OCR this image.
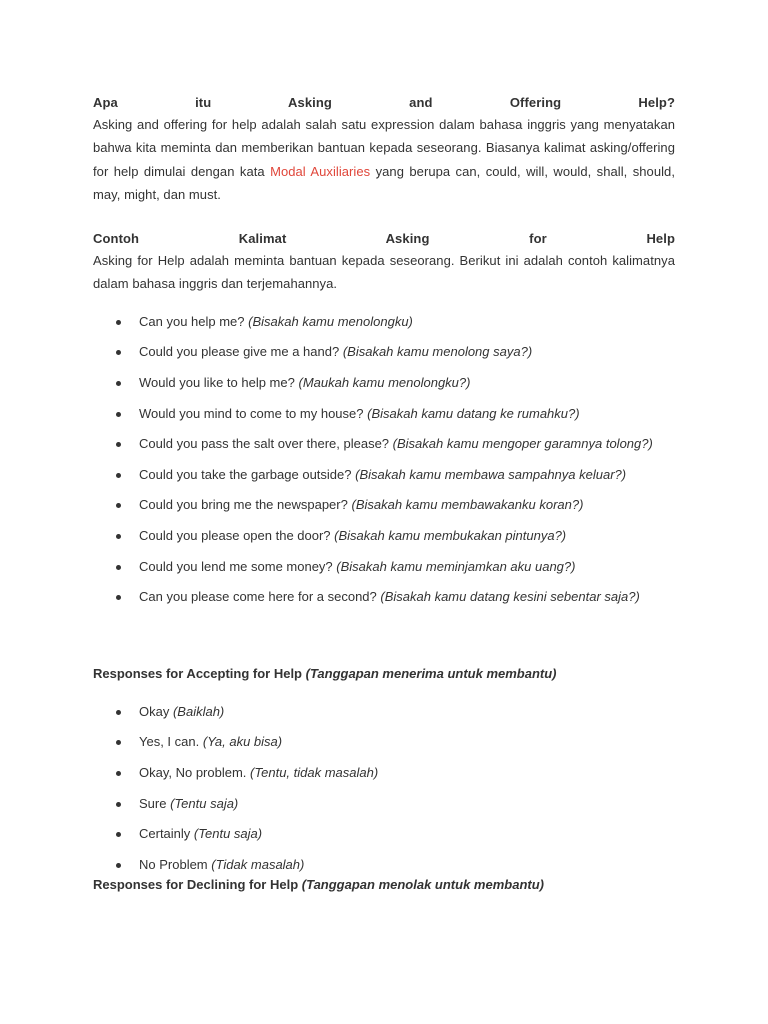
Apa	itu	Asking	and	Offering	Help?

Asking and offering for help adalah salah satu expression dalam bahasa inggris yang menyatakan bahwa kita meminta dan memberikan bantuan kepada seseorang. Biasanya kalimat asking/offering for help dimulai dengan kata Modal Auxiliaries yang berupa can, could, will, would, shall, should, may, might, dan must.

Contoh	Kalimat	Asking	for	Help

Asking for Help adalah meminta bantuan kepada seseorang. Berikut ini adalah contoh kalimatnya dalam bahasa inggris dan terjemahannya.

Can you help me? (Bisakah kamu menolongku)
Could you please give me a hand? (Bisakah kamu menolong saya?)
Would you like to help me? (Maukah kamu menolongku?)
Would you mind to come to my house? (Bisakah kamu datang ke rumahku?)
Could you pass the salt over there, please? (Bisakah kamu mengoper garamnya tolong?)
Could you take the garbage outside? (Bisakah kamu membawa sampahnya keluar?)
Could you bring me the newspaper? (Bisakah kamu membawakanku koran?)
Could you please open the door? (Bisakah kamu membukakan pintunya?)
Could you lend me some money? (Bisakah kamu meminjamkan aku uang?)
Can you please come here for a second? (Bisakah kamu datang kesini sebentar saja?)

Responses for Accepting for Help (Tanggapan menerima untuk membantu)

Okay (Baiklah)
Yes, I can. (Ya, aku bisa)
Okay, No problem. (Tentu, tidak masalah)
Sure (Tentu saja)
Certainly (Tentu saja)
No Problem (Tidak masalah)

Responses for Declining for Help (Tanggapan menolak untuk membantu)
